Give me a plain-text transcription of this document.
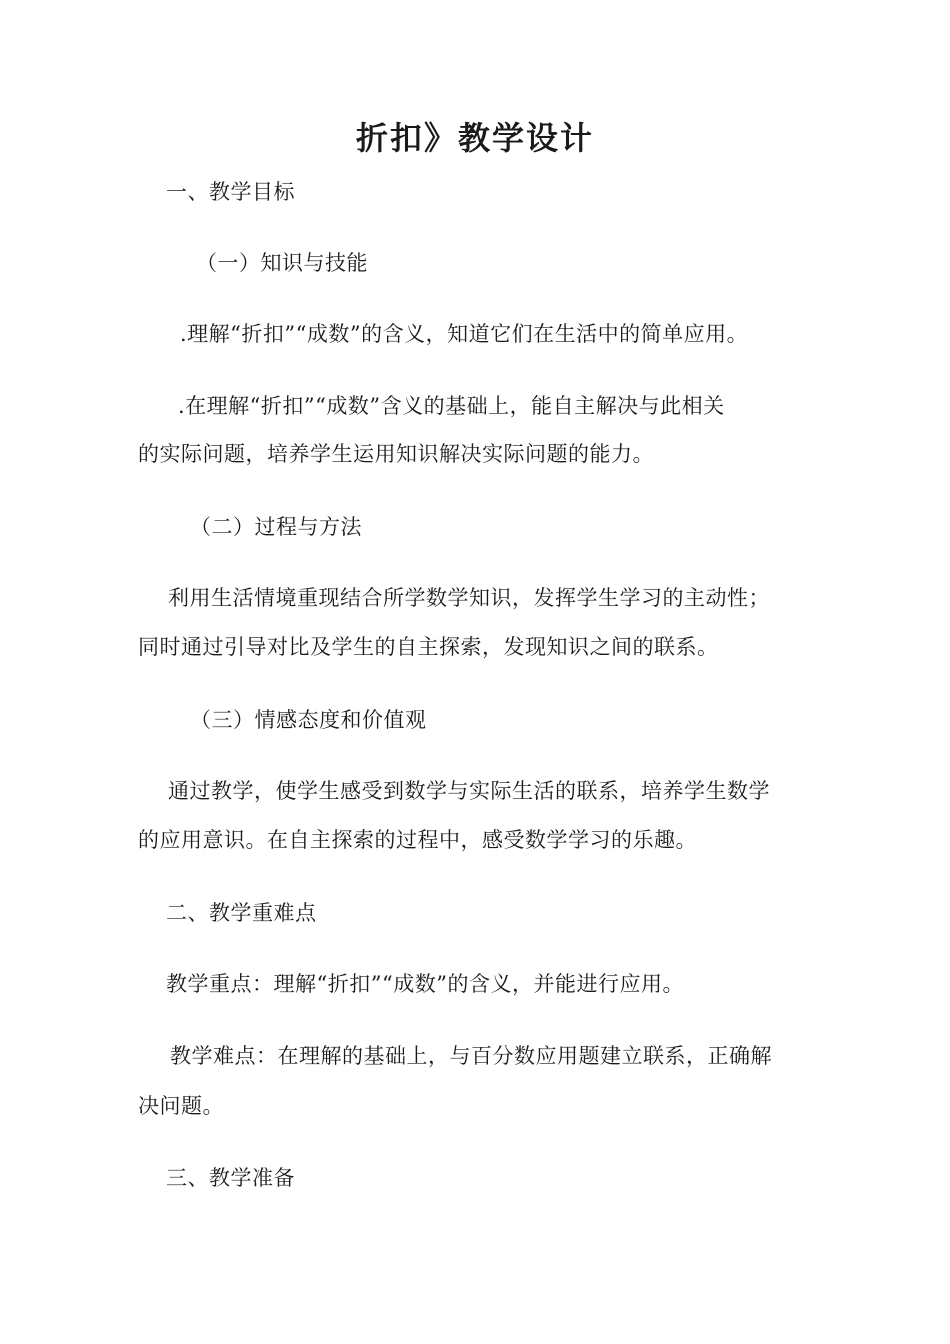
折扣》教学设计
一、教学目标
（一）知识与技能
.理解“折扣”“成数”的含义，知道它们在生活中的简单应用。
.在理解“折扣”“成数”含义的基础上，能自主解决与此相关
的实际问题，培养学生运用知识解决实际问题的能力。
（二）过程与方法
利用生活情境重现结合所学数学知识，发挥学生学习的主动性；
同时通过引导对比及学生的自主探索，发现知识之间的联系。
（三）情感态度和价值观
通过教学，使学生感受到数学与实际生活的联系，培养学生数学
的应用意识。在自主探索的过程中，感受数学学习的乐趣。
二、教学重难点
教学重点：理解“折扣”“成数”的含义，并能进行应用。
教学难点：在理解的基础上，与百分数应用题建立联系，正确解
决问题。
三、教学准备
